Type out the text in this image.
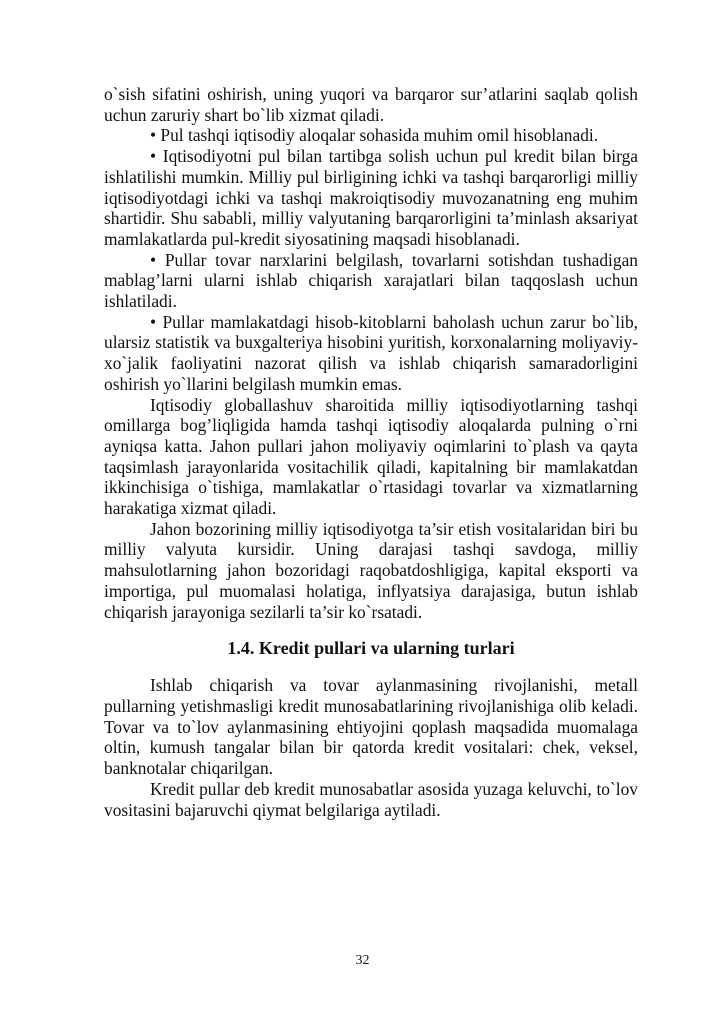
o`sish sifatini oshirish, uning yuqori va barqaror sur’atlarini saqlab qolish uchun zaruriy shart bo`lib xizmat qiladi.

• Pul tashqi iqtisodiy aloqalar sohasida muhim omil hisoblanadi.

• Iqtisodiyotni pul bilan tartibga solish uchun pul kredit bilan birga ishlatilishi mumkin. Milliy pul birligining ichki va tashqi barqarorligi milliy iqtisodiyotdagi ichki va tashqi makroiqtisodiy muvozanatning eng muhim shartidir. Shu sababli, milliy valyutaning barqarorligini ta’minlash aksariyat mamlakatlarda pul-kredit siyosatining maqsadi hisoblanadi.

• Pullar tovar narxlarini belgilash, tovarlarni sotishdan tushadigan mablag’larni ularni ishlab chiqarish xarajatlari bilan taqqoslash uchun ishlatiladi.

• Pullar mamlakatdagi hisob-kitoblarni baholash uchun zarur bo`lib, ularsiz statistik va buxgalteriya hisobini yuritish, korxonalarning moliyaviy-xo`jalik faoliyatini nazorat qilish va ishlab chiqarish samaradorligini oshirish yo`llarini belgilash mumkin emas.

Iqtisodiy globallashuv sharoitida milliy iqtisodiyotlarning tashqi omillarga bog’liqligida hamda tashqi iqtisodiy aloqalarda pulning o`rni ayniqsa katta. Jahon pullari jahon moliyaviy oqimlarini to`plash va qayta taqsimlash jarayonlarida vositachilik qiladi, kapitalning bir mamlakatdan ikkinchisiga o`tishiga, mamlakatlar o`rtasidagi tovarlar va xizmatlarning harakatiga xizmat qiladi.

Jahon bozorining milliy iqtisodiyotga ta’sir etish vositalaridan biri bu milliy valyuta kursidir. Uning darajasi tashqi savdoga, milliy mahsulotlarning jahon bozoridagi raqobatdoshligiga, kapital eksporti va importiga, pul muomalasi holatiga, inflyatsiya darajasiga, butun ishlab chiqarish jarayoniga sezilarli ta’sir ko`rsatadi.

1.4. Kredit pullari va ularning turlari

Ishlab chiqarish va tovar aylanmasining rivojlanishi, metall pullarning yetishmasligi kredit munosabatlarining rivojlanishiga olib keladi. Tovar va to`lov aylanmasining ehtiyojini qoplash maqsadida muomalaga oltin, kumush tangalar bilan bir qatorda kredit vositalari: chek, veksel, banknotalar chiqarilgan.

Kredit pullar deb kredit munosabatlar asosida yuzaga keluvchi, to`lov vositasini bajaruvchi qiymat belgilariga aytiladi.

32
